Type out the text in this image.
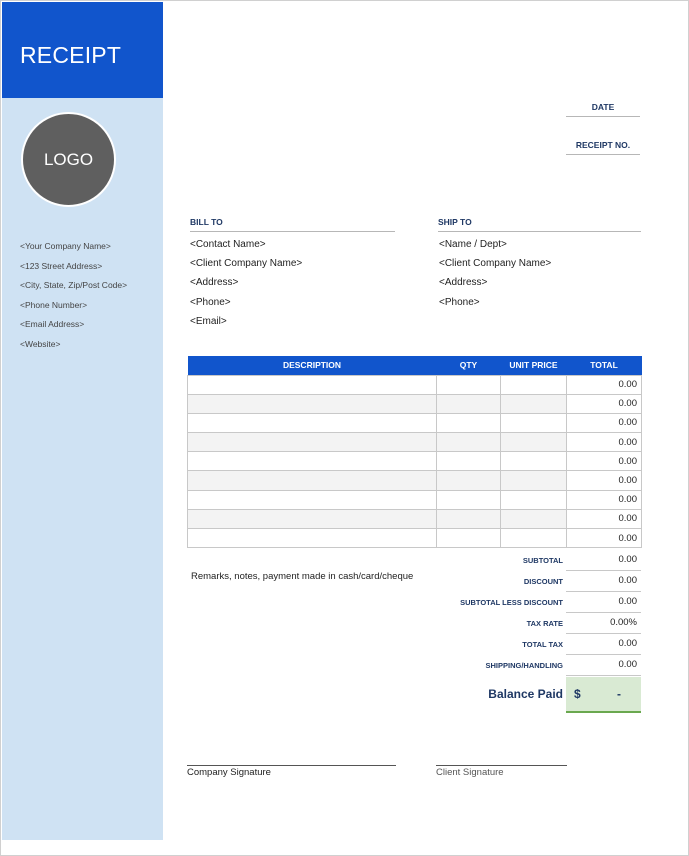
RECEIPT
LOGO
<Your Company Name>
<123 Street Address>
<City, State, Zip/Post Code>
<Phone Number>
<Email Address>
<Website>
DATE
RECEIPT NO.
BILL TO
<Contact Name>
<Client Company Name>
<Address>
<Phone>
<Email>
SHIP TO
<Name / Dept>
<Client Company Name>
<Address>
<Phone>
DESCRIPTION	QTY	UNIT PRICE	TOTAL
			0.00
			0.00
			0.00
			0.00
			0.00
			0.00
			0.00
			0.00
			0.00
Remarks, notes, payment made in cash/card/cheque
SUBTOTAL	0.00
DISCOUNT	0.00
SUBTOTAL LESS DISCOUNT	0.00
TAX RATE	0.00%
TOTAL TAX	0.00
SHIPPING/HANDLING	0.00
Balance Paid $	-
Company Signature	Client Signature
